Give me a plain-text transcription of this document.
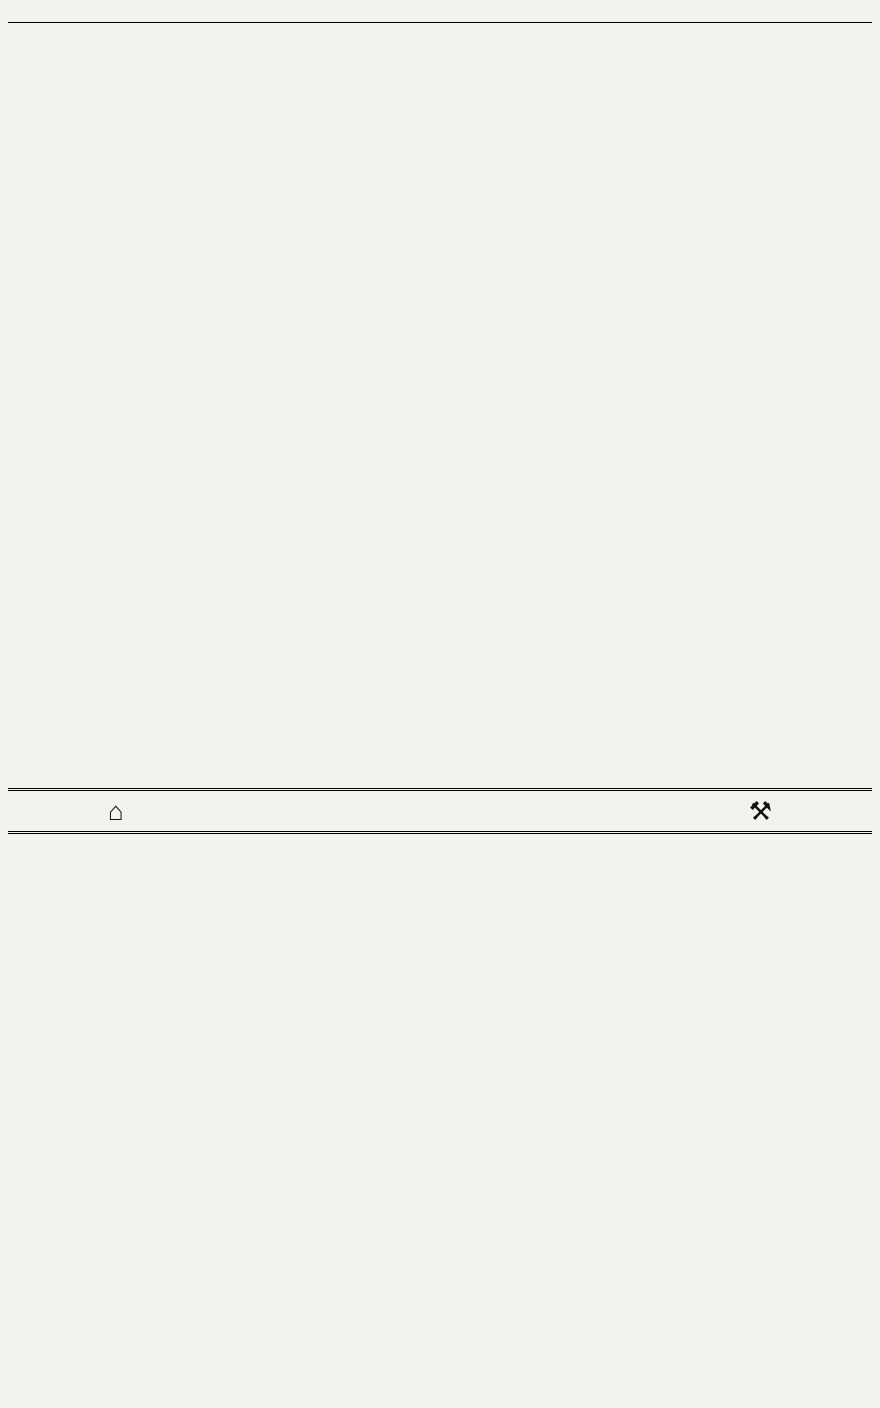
⌂	⚒
